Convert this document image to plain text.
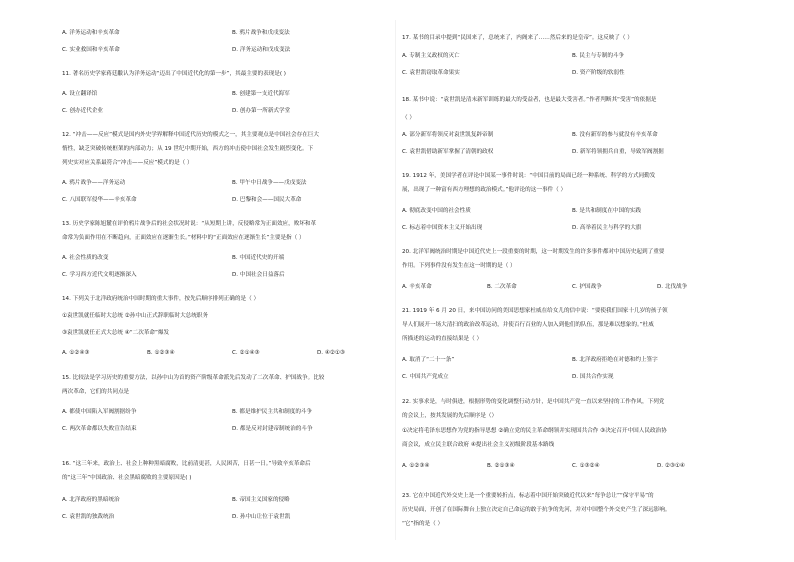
A. 洋务运动和辛亥革命	B. 鸦片战争和戊戌变法
C. 实业救国和辛亥革命	D. 洋务运动和戊戌变法
11. 著名历史学家蒋廷黻认为洋务运动“迈出了中国近代化的第一步”，其最主要的表现是( )
A. 设立翻译馆	B. 创建第一支近代海军
C. 创办近代企业	D. 创办第一所新式学堂
12. “冲击——反应”模式是国内外史学界解释中国近代历史的模式之一，其主要观点是中国社会存在巨大
惰性，缺乏突破传统框架的内部动力；从 19 世纪中期开始，西方的冲击使中国社会发生剧烈变化。下
列史实对应关系最符合“冲击——反应”模式的是（ ）
A. 鸦片战争——洋务运动	B. 甲午中日战争——戊戌变法
C. 八国联军侵华——辛亥革命	D. 巴黎和会——国民大革命
13. 历史学家陈旭麓在评价鸦片战争后的社会状况时说：“从短期上讲，反侵略常为正面效应，败坏和革
命常为负面作用在不断趋向，正面效应在逐渐生长。”材料中的“正面效应在逐渐生长”主要是指（ ）
A. 社会性质的改变	B. 中国近代史的开端
C. 学习西方近代文明逐渐深入	D. 中国社会日益落后
14. 下列关于北洋政府统治中国时期的重大事件，按先后顺序排列正确的是（ ）
①袁世凯就任临时大总统 ②孙中山正式辞职临时大总统职务
③袁世凯就任正式大总统 ④“二次革命”爆发
A. ①②④③	B. ①②③④	C. ②①④③	D. ④②①③
15. 比较法是学习历史的重要方法，以孙中山为首的资产阶级革命派先后发动了二次革命、护国战争。比较
两次革命，它们的共同点是
A. 都使中国陷入军阀割据纷争	B. 都是维护民主共和制度的斗争
C. 两次革命都以失败宣告结束	D. 都是反对封建帝制统治的斗争
16. “这三年来，政治上、社会上种种黑暗腐败，比前清更甚，人民困苦，日甚一日。”导致辛亥革命后
的“这三年”中国政治、社会黑暗腐败的主要原因是( )
A. 北洋政府的黑暗统治	B. 帝国主义国家的侵略
C. 袁世凯的独裁统治	D. 孙中山让位于袁世凯
17. 某书的目录中提到“民国来了，总统来了，内阁来了……然后来的是皇帝”。这反映了（ ）
A. 专制主义政权的灭亡	B. 民主与专制的斗争
C. 袁世凯窃取革命果实	D. 资产阶级的软弱性
18. 某书中说：“袁世凯是清末新军训练的最大的受益者，也是最大受害者。”作者判断其“受害”的依据是
（ ）
A. 部分新军将领反对袁世凯复辟帝制	B. 没有新军的参与就没有辛亥革命
C. 袁世凯借助新军掌握了清朝的政权	D. 新军将领拥兵自重，导致军阀割据
19. 1912 年，美国学者在评论中国某一事件时说：“中国目前的局面已经一种系统、科学的方式同勤发
展，出现了一种富有西方理想的政治模式。”他评论的这一事件（ ）
A. 彻底改变中国的社会性质	B. 是共和制度在中国的实践
C. 标志着中国资本主义开始出现	D. 高举着民主与科学的大旗
20. 北洋军阀统治时期是中国近代史上一段重要的时期，这一时期发生的许多事件都对中国历史起到了重要
作用。下列事件没有发生在这一时期的是（ ）
A. 辛亥革命	B. 二次革命	C. 护国战争	D. 北伐战争
21. 1919 年 6 月 20 日，来中国访问的美国思想家杜威在给女儿的信中说：“要使我们国家十几岁的孩子领
导人们展开一场大清扫的政治改革运动，并使百行百业的人加入到他们的队伍，那是难以想象的。”杜威
所描述的运动的直接结果是（ ）
A. 取消了“二十一条”	B. 北洋政府拒绝在对德和约上签字
C. 中国共产党成立	D. 国共合作实现
22. 实事求是，与时俱进，根据形势的变化调整行动方针，是中国共产党一直以来坚持的工作作风，下列党
的会议上，按其发展的先后顺序是（）
①决定将毛泽东思想作为党的指导思想 ②确立党的民主革命纲领并实现国共合作 ③决定召开中国人民政治协
商会议，成立民主联合政府 ④提出社会主义初级阶段基本路线
A. ①②③④	B. ②①③④	C. ①③②④	D. ②③①④
23. 它在中国近代外交史上是一个重要转折点，标志着中国开始突破近代以来“每争总让”“保守平易”的
历史局面，开创了在国际舞台上独立决定自己命运的敢于抗争的先河，并对中国整个外交史产生了深远影响。
“它”指的是（ ）
